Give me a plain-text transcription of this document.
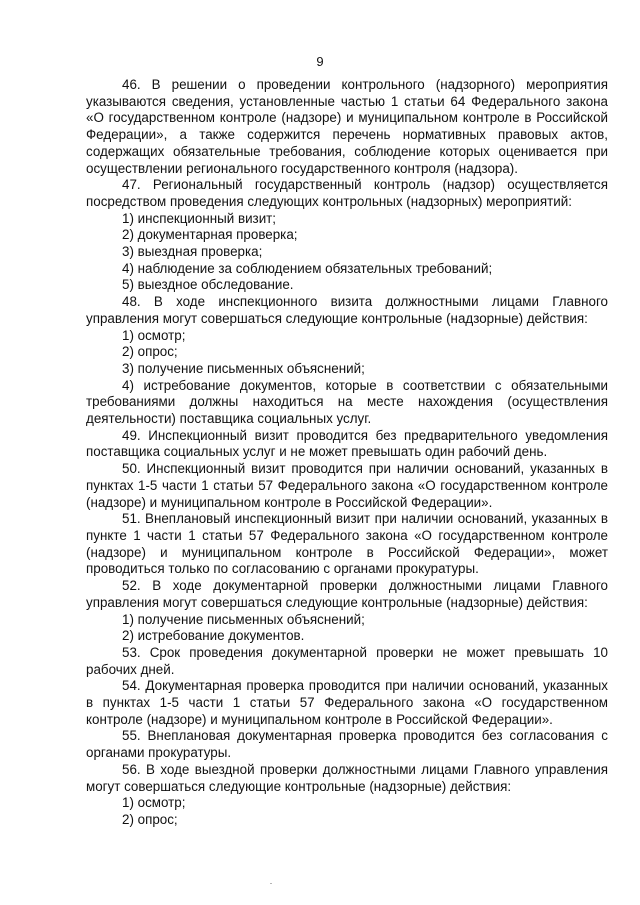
9

46. В решении о проведении контрольного (надзорного) мероприятия указываются сведения, установленные частью 1 статьи 64 Федерального закона «О государственном контроле (надзоре) и муниципальном контроле в Российской Федерации», а также содержится перечень нормативных правовых актов, содержащих обязательные требования, соблюдение которых оценивается при осуществлении регионального государственного контроля (надзора).

47. Региональный государственный контроль (надзор) осуществляется посредством проведения следующих контрольных (надзорных) мероприятий:

1) инспекционный визит;

2) документарная проверка;

3) выездная проверка;

4) наблюдение за соблюдением обязательных требований;

5) выездное обследование.

48. В ходе инспекционного визита должностными лицами Главного управления могут совершаться следующие контрольные (надзорные) действия:

1) осмотр;

2) опрос;

3) получение письменных объяснений;

4) истребование документов, которые в соответствии с обязательными требованиями должны находиться на месте нахождения (осуществления деятельности) поставщика социальных услуг.

49. Инспекционный визит проводится без предварительного уведомления поставщика социальных услуг и не может превышать один рабочий день.

50. Инспекционный визит проводится при наличии оснований, указанных в пунктах 1-5 части 1 статьи 57 Федерального закона «О государственном контроле (надзоре) и муниципальном контроле в Российской Федерации».

51. Внеплановый инспекционный визит при наличии оснований, указанных в пункте 1 части 1 статьи 57 Федерального закона «О государственном контроле (надзоре) и муниципальном контроле в Российской Федерации», может проводиться только по согласованию с органами прокуратуры.

52. В ходе документарной проверки должностными лицами Главного управления могут совершаться следующие контрольные (надзорные) действия:

1) получение письменных объяснений;

2) истребование документов.

53. Срок проведения документарной проверки не может превышать 10 рабочих дней.

54. Документарная проверка проводится при наличии оснований, указанных в пунктах 1-5 части 1 статьи 57 Федерального закона «О государственном контроле (надзоре) и муниципальном контроле в Российской Федерации».

55. Внеплановая документарная проверка проводится без согласования с органами прокуратуры.

56. В ходе выездной проверки должностными лицами Главного управления могут совершаться следующие контрольные (надзорные) действия:

1) осмотр;

2) опрос;
